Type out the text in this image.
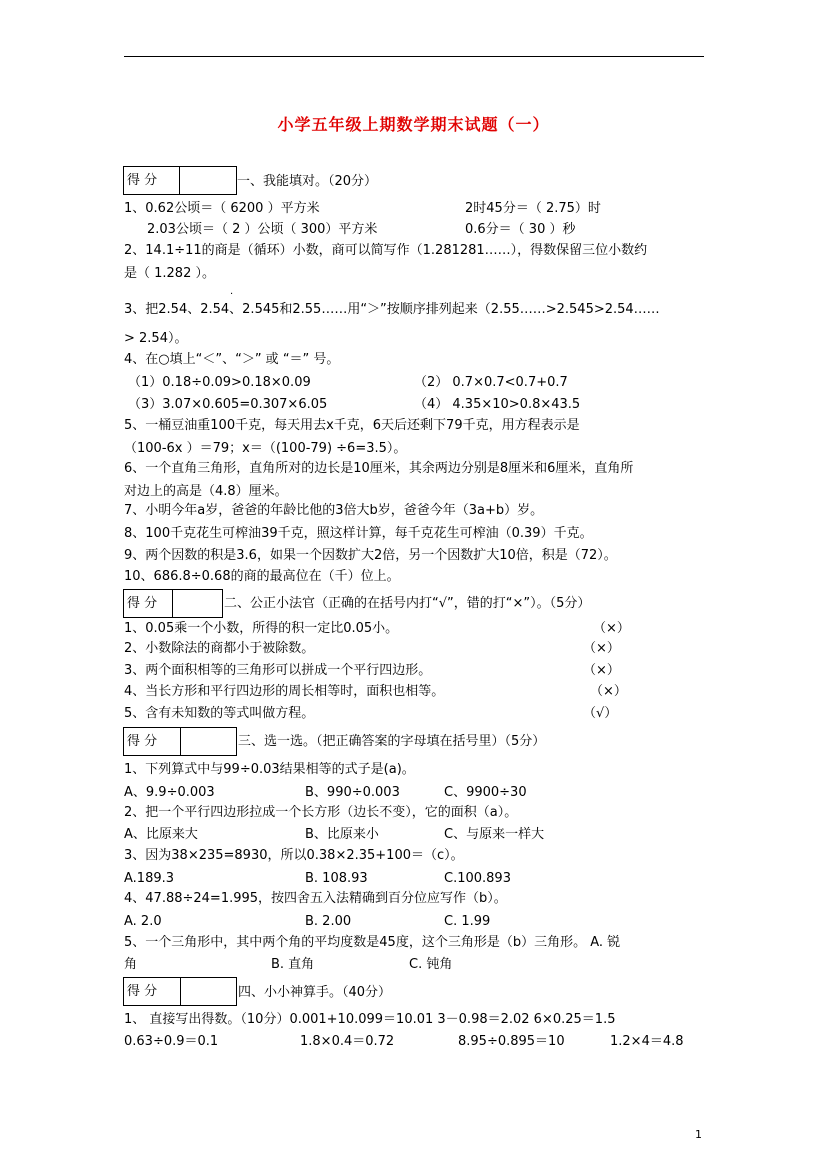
小学五年级上期数学期末试题（一）
得 分	一、我能填对。（20分）
1、0.62公顷＝（ 6200 ）平方米	2时45分＝（ 2.75）时
2.03公顷＝（ 2 ）公顷（ 300）平方米	0.6分＝（ 30 ）秒
2、14.1÷11的商是（循环）小数，商可以简写作（1.281281……），得数保留三位小数约
是（ 1.282 ）。
·
3、把2.54、2.54、2.545和2.55……用“＞”按顺序排列起来（2.55……>2.545>2.54……
> 2.54）。
4、在○填上“＜”、“＞” 或 “＝” 号。
（1）0.18÷0.09>0.18×0.09	（2） 0.7×0.7<0.7+0.7
（3）3.07×0.605=0.307×6.05	（4） 4.35×10>0.8×43.5
5、一桶豆油重100千克，每天用去x千克，6天后还剩下79千克，用方程表示是
（100-6x ）＝79；x＝（(100-79) ÷6=3.5）。
6、一个直角三角形，直角所对的边长是10厘米，其余两边分别是8厘米和6厘米，直角所
对边上的高是（4.8）厘米。
7、小明今年a岁，爸爸的年龄比他的3倍大b岁，爸爸今年（3a+b）岁。
8、100千克花生可榨油39千克，照这样计算，每千克花生可榨油（0.39）千克。
9、两个因数的积是3.6，如果一个因数扩大2倍，另一个因数扩大10倍，积是（72）。
10、686.8÷0.68的商的最高位在（千）位上。
得 分	二、公正小法官（正确的在括号内打“√”，错的打“×”）。（5分）
1、0.05乘一个小数，所得的积一定比0.05小。	（×）
2、小数除法的商都小于被除数。	（×）
3、两个面积相等的三角形可以拼成一个平行四边形。	（×）
4、当长方形和平行四边形的周长相等时，面积也相等。	（×）
5、含有未知数的等式叫做方程。	（√）
得 分	三、选一选。（把正确答案的字母填在括号里）（5分）
1、下列算式中与99÷0.03结果相等的式子是(a)。
A、9.9÷0.003	B、990÷0.003	C、9900÷30
2、把一个平行四边形拉成一个长方形（边长不变），它的面积（a）。
A、比原来大	B、比原来小	C、与原来一样大
3、因为38×235=8930，所以0.38×2.35+100＝（c）。
A.189.3	B. 108.93	C.100.893
4、47.88÷24=1.995，按四舍五入法精确到百分位应写作（b）。
A. 2.0	B. 2.00	C. 1.99
5、一个三角形中，其中两个角的平均度数是45度，这个三角形是（b）三角形。 A. 锐
角	B. 直角	C. 钝角
得 分	四、小小神算手。（40分）
1、 直接写出得数。（10分）0.001+10.099＝10.01 3－0.98＝2.02 6×0.25＝1.5
0.63÷0.9＝0.1	1.8×0.4＝0.72	8.95÷0.895＝10	1.2×4＝4.8
1
